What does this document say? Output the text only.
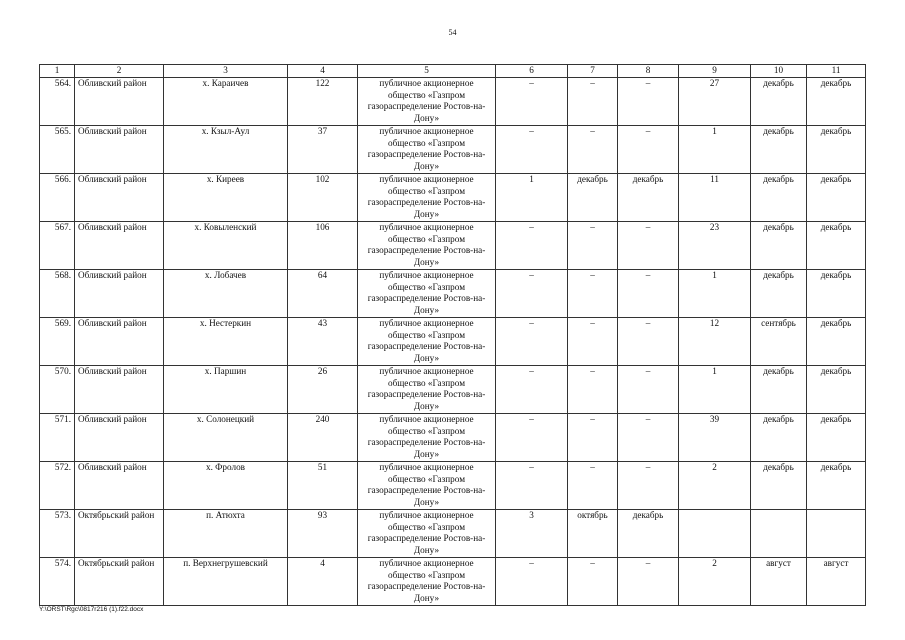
54
1	2	3	4	5	6	7	8	9	10	11
564.	Обливский район	х. Караичев	122	публичное акционерное общество «Газпром газораспределение Ростов-на-Дону»	–	–	–	27	декабрь	декабрь
565.	Обливский район	х. Кзыл-Аул	37	публичное акционерное общество «Газпром газораспределение Ростов-на-Дону»	–	–	–	1	декабрь	декабрь
566.	Обливский район	х. Киреев	102	публичное акционерное общество «Газпром газораспределение Ростов-на-Дону»	1	декабрь	декабрь	11	декабрь	декабрь
567.	Обливский район	х. Ковыленский	106	публичное акционерное общество «Газпром газораспределение Ростов-на-Дону»	–	–	–	23	декабрь	декабрь
568.	Обливский район	х. Лобачев	64	публичное акционерное общество «Газпром газораспределение Ростов-на-Дону»	–	–	–	1	декабрь	декабрь
569.	Обливский район	х. Нестеркин	43	публичное акционерное общество «Газпром газораспределение Ростов-на-Дону»	–	–	–	12	сентябрь	декабрь
570.	Обливский район	х. Паршин	26	публичное акционерное общество «Газпром газораспределение Ростов-на-Дону»	–	–	–	1	декабрь	декабрь
571.	Обливский район	х. Солонецкий	240	публичное акционерное общество «Газпром газораспределение Ростов-на-Дону»	–	–	–	39	декабрь	декабрь
572.	Обливский район	х. Фролов	51	публичное акционерное общество «Газпром газораспределение Ростов-на-Дону»	–	–	–	2	декабрь	декабрь
573.	Октябрьский район	п. Атюхта	93	публичное акционерное общество «Газпром газораспределение Ростов-на-Дону»	3	октябрь	декабрь			
574.	Октябрьский район	п. Верхнегрушевский	4	публичное акционерное общество «Газпром газораспределение Ростов-на-Дону»	–	–	–	2	август	август
Y:\ORST\Rgc\0817r216 (1).f22.docx
